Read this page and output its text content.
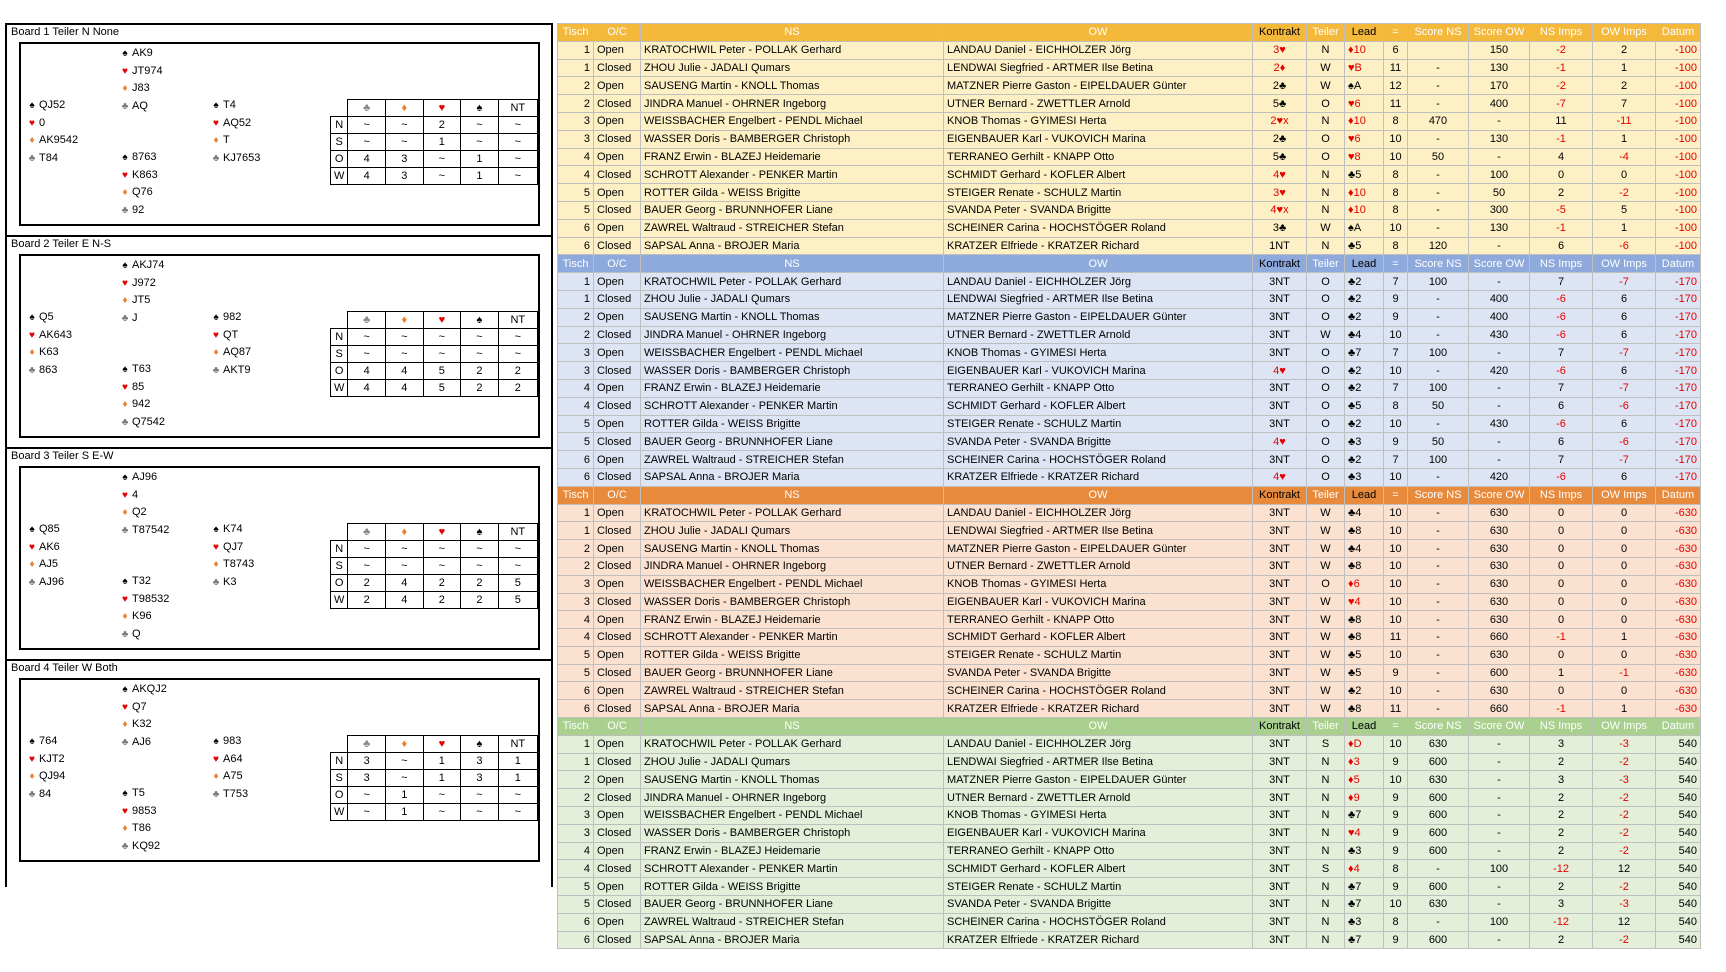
Board 1 Teiler N None
♠ AK9
♥ JT974
♦ J83
♣ AQ
♠ QJ52
♥ 0
♦ AK9542
♣ T84
♠ T4
♥ AQ52
♦ T
♣ KJ7653
♠ 8763
♥ K863
♦ Q76
♣ 92
	♣	♦	♥	♠	NT
N	~	~	2	~	~
S	~	~	1	~	~
O	4	3	~	1	~
W	4	3	~	1	~
Board 2 Teiler E N-S
♠ AKJ74
♥ J972
♦ JT5
♣ J
♠ Q5
♥ AK643
♦ K63
♣ 863
♠ 982
♥ QT
♦ AQ87
♣ AKT9
♠ T63
♥ 85
♦ 942
♣ Q7542
	♣	♦	♥	♠	NT
N	~	~	~	~	~
S	~	~	~	~	~
O	4	4	5	2	2
W	4	4	5	2	2
Board 3 Teiler S E-W
♠ AJ96
♥ 4
♦ Q2
♣ T87542
♠ Q85
♥ AK6
♦ AJ5
♣ AJ96
♠ K74
♥ QJ7
♦ T8743
♣ K3
♠ T32
♥ T98532
♦ K96
♣ Q
	♣	♦	♥	♠	NT
N	~	~	~	~	~
S	~	~	~	~	~
O	2	4	2	2	5
W	2	4	2	2	5
Board 4 Teiler W Both
♠ AKQJ2
♥ Q7
♦ K32
♣ AJ6
♠ 764
♥ KJT2
♦ QJ94
♣ 84
♠ 983
♥ A64
♦ A75
♣ T753
♠ T5
♥ 9853
♦ T86
♣ KQ92
	♣	♦	♥	♠	NT
N	3	~	1	3	1
S	3	~	1	3	1
O	~	1	~	~	~
W	~	1	~	~	~
Tisch	O/C	NS	OW	Kontrakt	Teiler	Lead	=	Score NS	Score OW	NS Imps	OW Imps	Datum
1	Open	KRATOCHWIL Peter - POLLAK Gerhard	LANDAU Daniel - EICHHOLZER Jörg	3♥	N	♦10	6		150	-2	2	-100
1	Closed	ZHOU Julie - JADALI Qumars	LENDWAI Siegfried - ARTMER Ilse Betina	2♦	W	♥B	11	-	130	-1	1	-100
2	Open	SAUSENG Martin - KNOLL Thomas	MATZNER Pierre Gaston - EIPELDAUER Günter	2♣	W	♠A	12	-	170	-2	2	-100
2	Closed	JINDRA Manuel - OHRNER Ingeborg	UTNER Bernard - ZWETTLER Arnold	5♣	O	♥6	11	-	400	-7	7	-100
3	Open	WEISSBACHER Engelbert - PENDL Michael	KNOB Thomas - GYIMESI Herta	2♥x	N	♦10	8	470	-	11	-11	-100
3	Closed	WASSER Doris - BAMBERGER Christoph	EIGENBAUER Karl - VUKOVICH Marina	2♣	O	♥6	10	-	130	-1	1	-100
4	Open	FRANZ Erwin - BLAZEJ Heidemarie	TERRANEO Gerhilt - KNAPP Otto	5♣	O	♥8	10	50	-	4	-4	-100
4	Closed	SCHROTT Alexander - PENKER Martin	SCHMIDT Gerhard - KOFLER Albert	4♥	N	♣5	8	-	100	0	0	-100
5	Open	ROTTER Gilda - WEISS Brigitte	STEIGER Renate - SCHULZ Martin	3♥	N	♦10	8	-	50	2	-2	-100
5	Closed	BAUER Georg - BRUNNHOFER Liane	SVANDA Peter - SVANDA Brigitte	4♥x	N	♦10	8	-	300	-5	5	-100
6	Open	ZAWREL Waltraud - STREICHER Stefan	SCHEINER Carina - HOCHSTÖGER Roland	3♣	W	♠A	10	-	130	-1	1	-100
6	Closed	SAPSAL Anna - BROJER Maria	KRATZER Elfriede - KRATZER Richard	1NT	N	♣5	8	120	-	6	-6	-100
Tisch	O/C	NS	OW	Kontrakt	Teiler	Lead	=	Score NS	Score OW	NS Imps	OW Imps	Datum
1	Open	KRATOCHWIL Peter - POLLAK Gerhard	LANDAU Daniel - EICHHOLZER Jörg	3NT	O	♣2	7	100	-	7	-7	-170
1	Closed	ZHOU Julie - JADALI Qumars	LENDWAI Siegfried - ARTMER Ilse Betina	3NT	O	♣2	9	-	400	-6	6	-170
2	Open	SAUSENG Martin - KNOLL Thomas	MATZNER Pierre Gaston - EIPELDAUER Günter	3NT	O	♣2	9	-	400	-6	6	-170
2	Closed	JINDRA Manuel - OHRNER Ingeborg	UTNER Bernard - ZWETTLER Arnold	3NT	W	♣4	10	-	430	-6	6	-170
3	Open	WEISSBACHER Engelbert - PENDL Michael	KNOB Thomas - GYIMESI Herta	3NT	O	♣7	7	100	-	7	-7	-170
3	Closed	WASSER Doris - BAMBERGER Christoph	EIGENBAUER Karl - VUKOVICH Marina	4♥	O	♣2	10	-	420	-6	6	-170
4	Open	FRANZ Erwin - BLAZEJ Heidemarie	TERRANEO Gerhilt - KNAPP Otto	3NT	O	♣2	7	100	-	7	-7	-170
4	Closed	SCHROTT Alexander - PENKER Martin	SCHMIDT Gerhard - KOFLER Albert	3NT	O	♣5	8	50	-	6	-6	-170
5	Open	ROTTER Gilda - WEISS Brigitte	STEIGER Renate - SCHULZ Martin	3NT	O	♣2	10	-	430	-6	6	-170
5	Closed	BAUER Georg - BRUNNHOFER Liane	SVANDA Peter - SVANDA Brigitte	4♥	O	♣3	9	50	-	6	-6	-170
6	Open	ZAWREL Waltraud - STREICHER Stefan	SCHEINER Carina - HOCHSTÖGER Roland	3NT	O	♣2	7	100	-	7	-7	-170
6	Closed	SAPSAL Anna - BROJER Maria	KRATZER Elfriede - KRATZER Richard	4♥	O	♣3	10	-	420	-6	6	-170
Tisch	O/C	NS	OW	Kontrakt	Teiler	Lead	=	Score NS	Score OW	NS Imps	OW Imps	Datum
1	Open	KRATOCHWIL Peter - POLLAK Gerhard	LANDAU Daniel - EICHHOLZER Jörg	3NT	W	♣4	10	-	630	0	0	-630
1	Closed	ZHOU Julie - JADALI Qumars	LENDWAI Siegfried - ARTMER Ilse Betina	3NT	W	♣8	10	-	630	0	0	-630
2	Open	SAUSENG Martin - KNOLL Thomas	MATZNER Pierre Gaston - EIPELDAUER Günter	3NT	W	♣4	10	-	630	0	0	-630
2	Closed	JINDRA Manuel - OHRNER Ingeborg	UTNER Bernard - ZWETTLER Arnold	3NT	W	♣8	10	-	630	0	0	-630
3	Open	WEISSBACHER Engelbert - PENDL Michael	KNOB Thomas - GYIMESI Herta	3NT	O	♦6	10	-	630	0	0	-630
3	Closed	WASSER Doris - BAMBERGER Christoph	EIGENBAUER Karl - VUKOVICH Marina	3NT	W	♥4	10	-	630	0	0	-630
4	Open	FRANZ Erwin - BLAZEJ Heidemarie	TERRANEO Gerhilt - KNAPP Otto	3NT	W	♣8	10	-	630	0	0	-630
4	Closed	SCHROTT Alexander - PENKER Martin	SCHMIDT Gerhard - KOFLER Albert	3NT	W	♣8	11	-	660	-1	1	-630
5	Open	ROTTER Gilda - WEISS Brigitte	STEIGER Renate - SCHULZ Martin	3NT	W	♣5	10	-	630	0	0	-630
5	Closed	BAUER Georg - BRUNNHOFER Liane	SVANDA Peter - SVANDA Brigitte	3NT	W	♣5	9	-	600	1	-1	-630
6	Open	ZAWREL Waltraud - STREICHER Stefan	SCHEINER Carina - HOCHSTÖGER Roland	3NT	W	♣2	10	-	630	0	0	-630
6	Closed	SAPSAL Anna - BROJER Maria	KRATZER Elfriede - KRATZER Richard	3NT	W	♣8	11	-	660	-1	1	-630
Tisch	O/C	NS	OW	Kontrakt	Teiler	Lead	=	Score NS	Score OW	NS Imps	OW Imps	Datum
1	Open	KRATOCHWIL Peter - POLLAK Gerhard	LANDAU Daniel - EICHHOLZER Jörg	3NT	S	♦D	10	630	-	3	-3	540
1	Closed	ZHOU Julie - JADALI Qumars	LENDWAI Siegfried - ARTMER Ilse Betina	3NT	N	♦3	9	600	-	2	-2	540
2	Open	SAUSENG Martin - KNOLL Thomas	MATZNER Pierre Gaston - EIPELDAUER Günter	3NT	N	♦5	10	630	-	3	-3	540
2	Closed	JINDRA Manuel - OHRNER Ingeborg	UTNER Bernard - ZWETTLER Arnold	3NT	N	♦9	9	600	-	2	-2	540
3	Open	WEISSBACHER Engelbert - PENDL Michael	KNOB Thomas - GYIMESI Herta	3NT	N	♣7	9	600	-	2	-2	540
3	Closed	WASSER Doris - BAMBERGER Christoph	EIGENBAUER Karl - VUKOVICH Marina	3NT	N	♥4	9	600	-	2	-2	540
4	Open	FRANZ Erwin - BLAZEJ Heidemarie	TERRANEO Gerhilt - KNAPP Otto	3NT	N	♣3	9	600	-	2	-2	540
4	Closed	SCHROTT Alexander - PENKER Martin	SCHMIDT Gerhard - KOFLER Albert	3NT	S	♦4	8	-	100	-12	12	540
5	Open	ROTTER Gilda - WEISS Brigitte	STEIGER Renate - SCHULZ Martin	3NT	N	♣7	9	600	-	2	-2	540
5	Closed	BAUER Georg - BRUNNHOFER Liane	SVANDA Peter - SVANDA Brigitte	3NT	N	♣7	10	630	-	3	-3	540
6	Open	ZAWREL Waltraud - STREICHER Stefan	SCHEINER Carina - HOCHSTÖGER Roland	3NT	N	♣3	8	-	100	-12	12	540
6	Closed	SAPSAL Anna - BROJER Maria	KRATZER Elfriede - KRATZER Richard	3NT	N	♣7	9	600	-	2	-2	540
